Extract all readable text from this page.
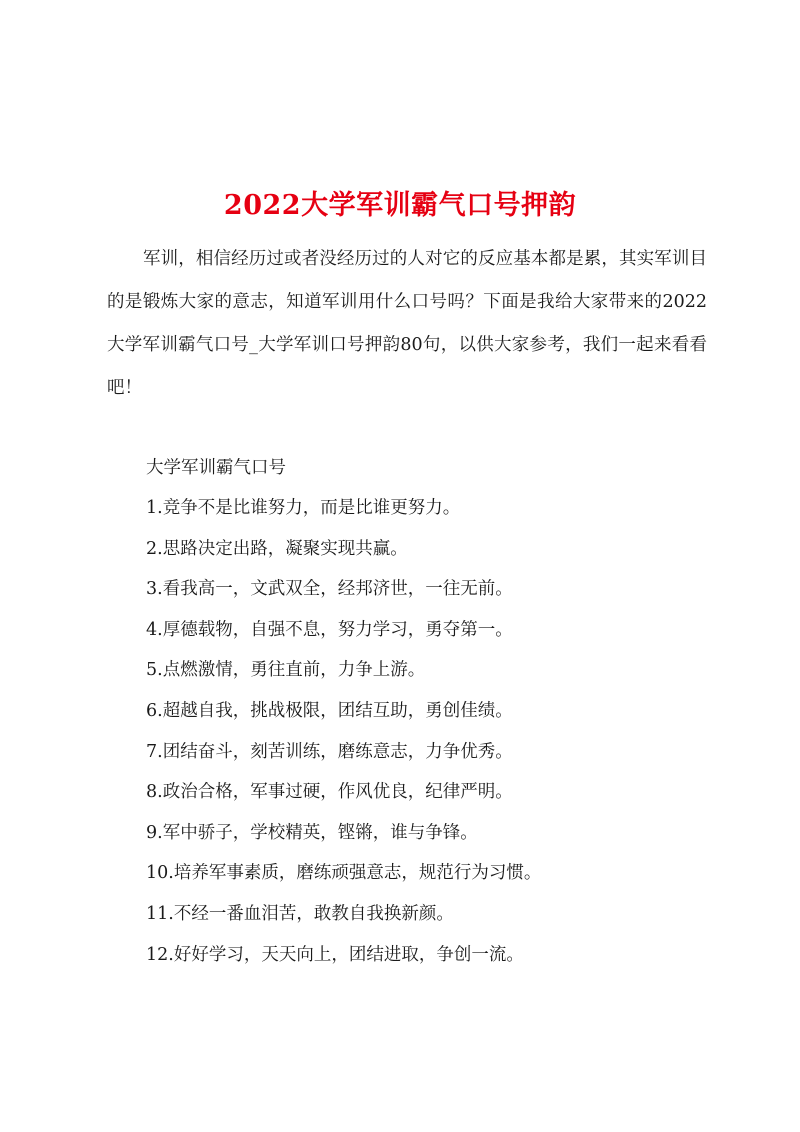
2022大学军训霸气口号押韵

军训，相信经历过或者没经历过的人对它的反应基本都是累，其实军训目的是锻炼大家的意志，知道军训用什么口号吗？下面是我给大家带来的2022大学军训霸气口号_大学军训口号押韵80句，以供大家参考，我们一起来看看吧！

大学军训霸气口号
1.竞争不是比谁努力，而是比谁更努力。
2.思路决定出路，凝聚实现共赢。
3.看我高一，文武双全，经邦济世，一往无前。
4.厚德载物，自强不息，努力学习，勇夺第一。
5.点燃激情，勇往直前，力争上游。
6.超越自我，挑战极限，团结互助，勇创佳绩。
7.团结奋斗，刻苦训练，磨练意志，力争优秀。
8.政治合格，军事过硬，作风优良，纪律严明。
9.军中骄子，学校精英，铿锵，谁与争锋。
10.培养军事素质，磨练顽强意志，规范行为习惯。
11.不经一番血泪苦，敢教自我换新颜。
12.好好学习，天天向上，团结进取，争创一流。
